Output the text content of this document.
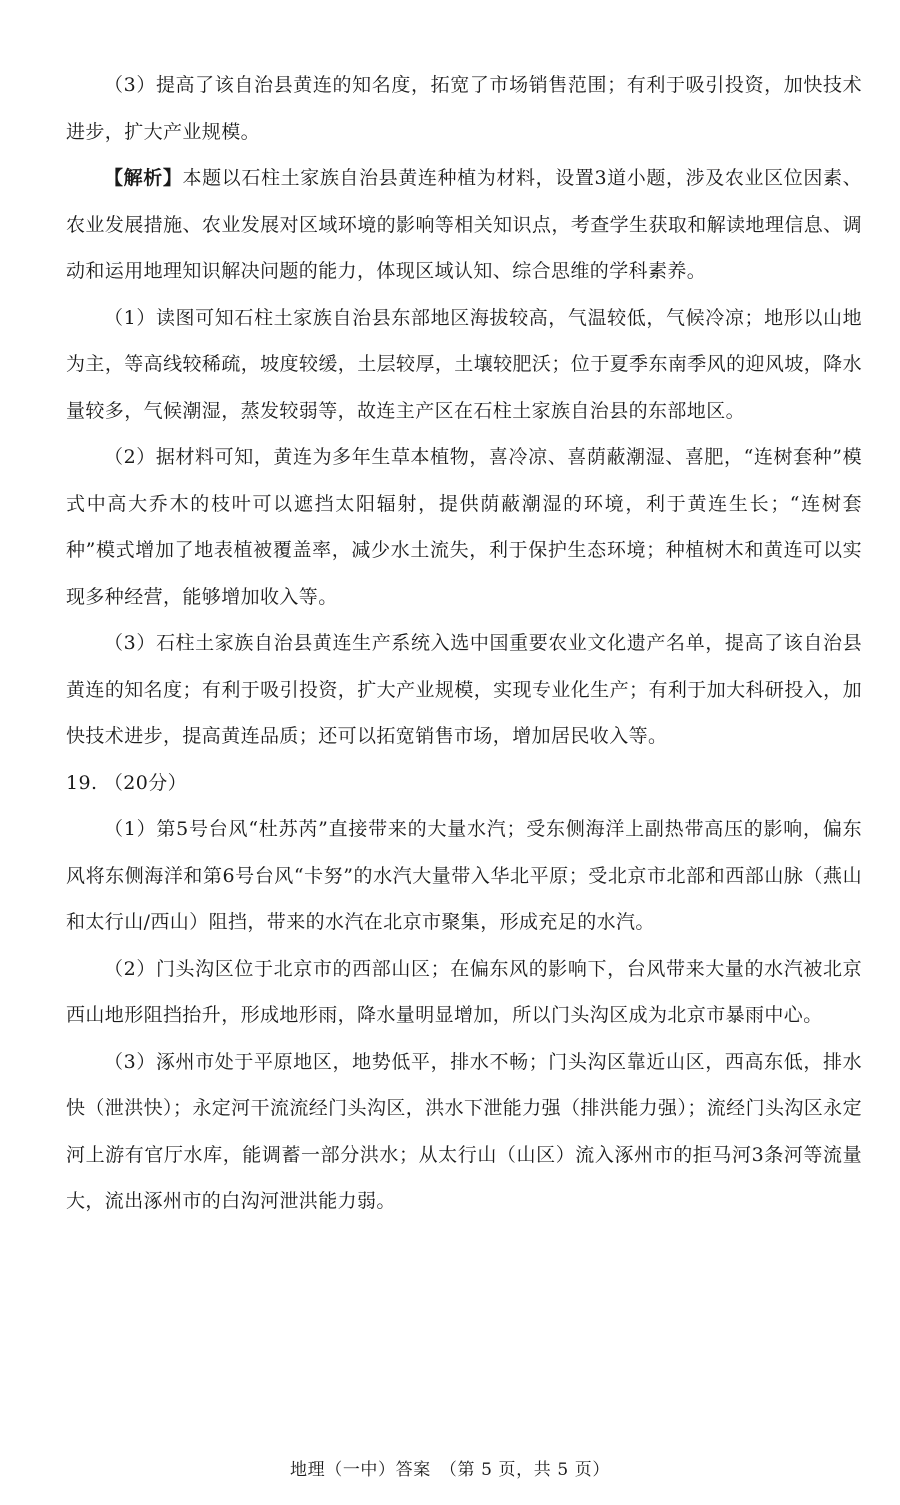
（3）提高了该自治县黄连的知名度，拓宽了市场销售范围；有利于吸引投资，加快技术进步，扩大产业规模。

【解析】本题以石柱土家族自治县黄连种植为材料，设置3道小题，涉及农业区位因素、农业发展措施、农业发展对区域环境的影响等相关知识点，考查学生获取和解读地理信息、调动和运用地理知识解决问题的能力，体现区域认知、综合思维的学科素养。

（1）读图可知石柱土家族自治县东部地区海拔较高，气温较低，气候冷凉；地形以山地为主，等高线较稀疏，坡度较缓，土层较厚，土壤较肥沃；位于夏季东南季风的迎风坡，降水量较多，气候潮湿，蒸发较弱等，故连主产区在石柱土家族自治县的东部地区。

（2）据材料可知，黄连为多年生草本植物，喜冷凉、喜荫蔽潮湿、喜肥，“连树套种”模式中高大乔木的枝叶可以遮挡太阳辐射，提供荫蔽潮湿的环境，利于黄连生长；“连树套种”模式增加了地表植被覆盖率，减少水土流失，利于保护生态环境；种植树木和黄连可以实现多种经营，能够增加收入等。

（3）石柱土家族自治县黄连生产系统入选中国重要农业文化遗产名单，提高了该自治县黄连的知名度；有利于吸引投资，扩大产业规模，实现专业化生产；有利于加大科研投入，加快技术进步，提高黄连品质；还可以拓宽销售市场，增加居民收入等。

19. （20分）

（1）第5号台风“杜苏芮”直接带来的大量水汽；受东侧海洋上副热带高压的影响，偏东风将东侧海洋和第6号台风“卡努”的水汽大量带入华北平原；受北京市北部和西部山脉（燕山和太行山/西山）阻挡，带来的水汽在北京市聚集，形成充足的水汽。

（2）门头沟区位于北京市的西部山区；在偏东风的影响下，台风带来大量的水汽被北京西山地形阻挡抬升，形成地形雨，降水量明显增加，所以门头沟区成为北京市暴雨中心。

（3）涿州市处于平原地区，地势低平，排水不畅；门头沟区靠近山区，西高东低，排水快（泄洪快）；永定河干流流经门头沟区，洪水下泄能力强（排洪能力强）；流经门头沟区永定河上游有官厅水库，能调蓄一部分洪水；从太行山（山区）流入涿州市的拒马河3条河等流量大，流出涿州市的白沟河泄洪能力弱。

地理（一中）答案　（第 5 页，共 5 页）
